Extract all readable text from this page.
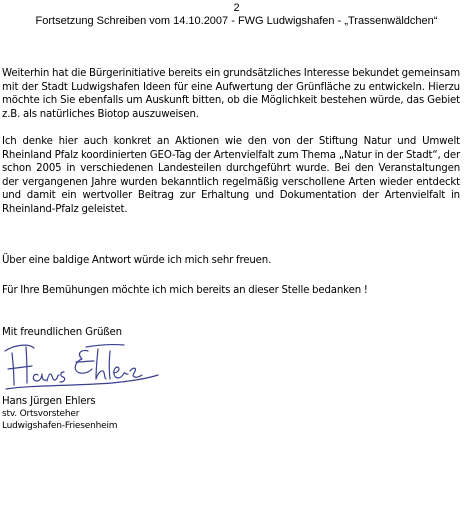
2
Fortsetzung Schreiben vom 14.10.2007 - FWG Ludwigshafen - „Trassenwäldchen“
Weiterhin hat die Bürgerinitiative bereits ein grundsätzliches Interesse bekundet gemeinsam mit der Stadt Ludwigshafen Ideen für eine Aufwertung der Grünfläche zu entwickeln. Hierzu möchte ich Sie ebenfalls um Auskunft bitten, ob die Möglichkeit bestehen würde, das Gebiet z.B. als natürliches Biotop auszuweisen.
Ich denke hier auch konkret an Aktionen wie den von der Stiftung Natur und Umwelt Rheinland Pfalz koordinierten GEO-Tag der Artenvielfalt zum Thema „Natur in der Stadt“, der schon 2005 in verschiedenen Landesteilen durchgeführt wurde. Bei den Veranstaltungen der vergangenen Jahre wurden bekanntlich regelmäßig verschollene Arten wieder entdeckt und damit ein wertvoller Beitrag zur Erhaltung und Dokumentation der Artenvielfalt in Rheinland-Pfalz geleistet.
Über eine baldige Antwort würde ich mich sehr freuen.
Für Ihre Bemühungen möchte ich mich bereits an dieser Stelle bedanken !
Mit freundlichen Grüßen
Hans Jürgen Ehlers
stv. Ortsvorsteher
Ludwigshafen-Friesenheim
